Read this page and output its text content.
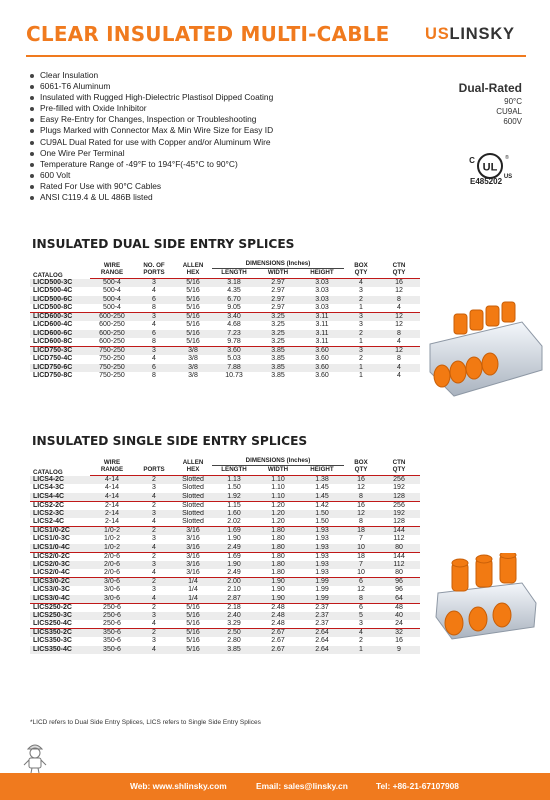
CLEAR INSULATED MULTI-CABLE USLINSKY
Clear Insulation
6061-T6 Aluminum
Insulated with Rugged High-Dielectric Plastisol Dipped Coating
Pre-filled with Oxide Inhibitor
Easy Re-Entry for Changes, Inspection or Troubleshooting
Plugs Marked with Connector Max & Min Wire Size for Easy ID
CU9AL Dual Rated for use with Copper and/or Aluminum Wire
One Wire Per Terminal
Temperature Range of -49°F to 194°F(-45°C to 90°C)
600 Volt
Rated For Use with 90°C Cables
ANSI C119.4 & UL 486B listed
Dual-Rated
90°C
CU9AL
600V
UL
C
US
®
E485202
INSULATED DUAL SIDE ENTRY SPLICES
CATALOG	WIRE	NO. OF	ALLEN	DIMENSIONS (Inches)			BOX	CTN
	RANGE	PORTS	HEX	LENGTH	WIDTH	HEIGHT	QTY	QTY
LICD500-3C	500-4	3	5/16	3.18	2.97	3.03	4	16
LICD500-4C	500-4	4	5/16	4.35	2.97	3.03	3	12
LICD500-6C	500-4	6	5/16	6.70	2.97	3.03	2	8
LICD500-8C	500-4	8	5/16	9.05	2.97	3.03	1	4
LICD600-3C	600-250	3	5/16	3.40	3.25	3.11	3	12
LICD600-4C	600-250	4	5/16	4.68	3.25	3.11	3	12
LICD600-6C	600-250	6	5/16	7.23	3.25	3.11	2	8
LICD600-8C	600-250	8	5/16	9.78	3.25	3.11	1	4
LICD750-3C	750-250	3	3/8	3.60	3.85	3.60	3	12
LICD750-4C	750-250	4	3/8	5.03	3.85	3.60	2	8
LICD750-6C	750-250	6	3/8	7.88	3.85	3.60	1	4
LICD750-8C	750-250	8	3/8	10.73	3.85	3.60	1	4
INSULATED SINGLE SIDE ENTRY SPLICES
CATALOG	WIRE		ALLEN	DIMENSIONS (Inches)			BOX	CTN
	RANGE	PORTS	HEX	LENGTH	WIDTH	HEIGHT	QTY	QTY
LICS4-2C	4-14	2	Slotted	1.13	1.10	1.38	16	256
LICS4-3C	4-14	3	Slotted	1.50	1.10	1.45	12	192
LICS4-4C	4-14	4	Slotted	1.92	1.10	1.45	8	128
LICS2-2C	2-14	2	Slotted	1.15	1.20	1.42	16	256
LICS2-3C	2-14	3	Slotted	1.60	1.20	1.50	12	192
LICS2-4C	2-14	4	Slotted	2.02	1.20	1.50	8	128
LICS1/0-2C	1/0-2	2	3/16	1.69	1.80	1.93	18	144
LICS1/0-3C	1/0-2	3	3/16	1.90	1.80	1.93	7	112
LICS1/0-4C	1/0-2	4	3/16	2.49	1.80	1.93	10	80
LICS2/0-2C	2/0-6	2	3/16	1.69	1.80	1.93	18	144
LICS2/0-3C	2/0-6	3	3/16	1.90	1.80	1.93	7	112
LICS2/0-4C	2/0-6	4	3/16	2.49	1.80	1.93	10	80
LICS3/0-2C	3/0-6	2	1/4	2.00	1.90	1.99	6	96
LICS3/0-3C	3/0-6	3	1/4	2.10	1.90	1.99	12	96
LICS3/0-4C	3/0-6	4	1/4	2.87	1.90	1.99	8	64
LICS250-2C	250-6	2	5/16	2.18	2.48	2.37	6	48
LICS250-3C	250-6	3	5/16	2.40	2.48	2.37	5	40
LICS250-4C	250-6	4	5/16	3.29	2.48	2.37	3	24
LICS350-2C	350-6	2	5/16	2.50	2.67	2.64	4	32
LICS350-3C	350-6	3	5/16	2.80	2.67	2.64	2	16
LICS350-4C	350-6	4	5/16	3.85	2.67	2.64	1	9
*LICD refers to Dual Side Entry Splices, LICS refers to Single Side Entry Splices
Web: www.shlinsky.com	Email: sales@linsky.cn	Tel: +86-21-67107908
